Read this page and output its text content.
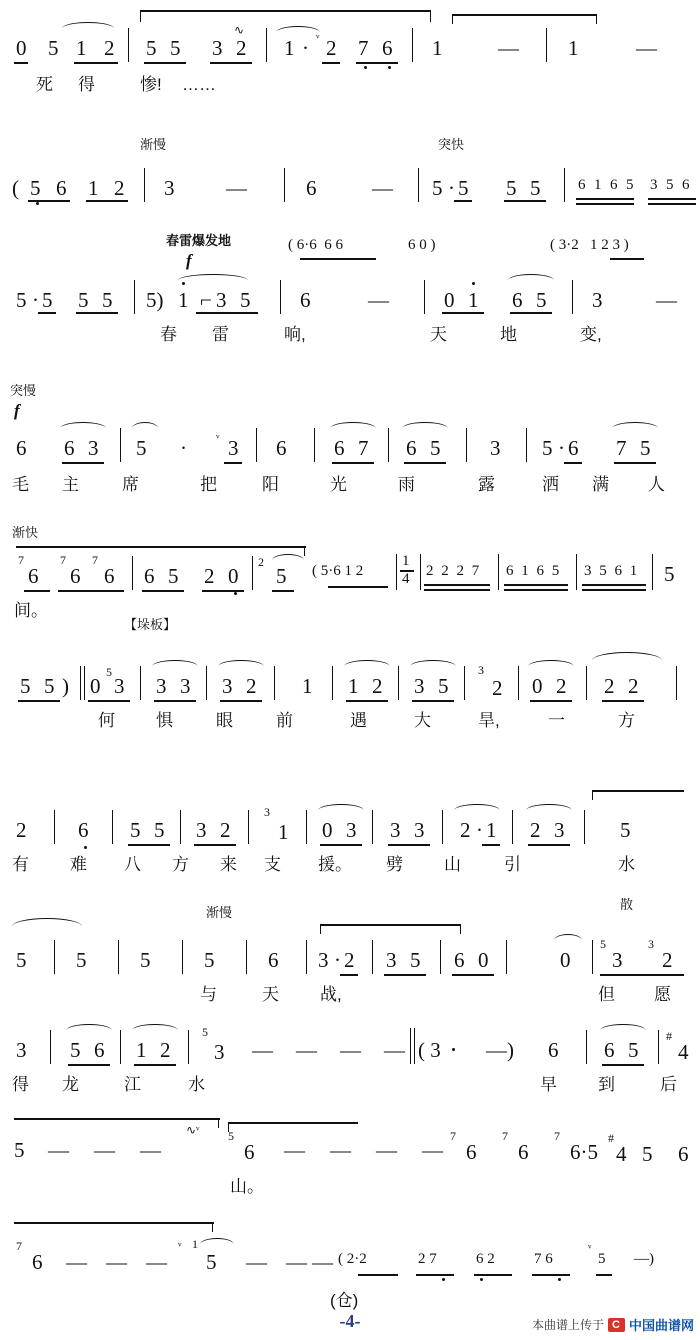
0 5 1 2 5 5 3 2
∿
1 · ᵛ 2 7 6 1	— 1	—
死 得	惨! ……
渐慢	突快
( 5 6 1 2 3 —	6	— 5 · 5 5 5	6 1 6 5 3 5 6
春雷爆发地
f
( 6·6  6 6	6 0 )	( 3·2   1 2 3 )
5 · 5 5 5 5) 1 ⌐ 3 5 6	—	0 1 6 5 3	—
春 雷	响,	天	地	变,
突慢
f
6 6 3 5 · ᵛ 3 6 6 7 6 5 3 5 · 6 7 5
毛 主	席	把	阳	光	雨	露	洒 满 人
渐快
7
6
7
6
7
6 6 5 2 0
2
5 ( 5·6 1 2
1
4 2 2 2 7 6 1 6 5 3 5 6 1 5
间。
【垛板】
5 5 ) 0
5
3 3 3 3 2 1 1 2 3 5
3
2 0 2 2 2
何 惧	眼	前	遇	大	旱,	一	方
2 6 5 5 3 2
3
1 0 3 3 3 2 · 1 2 3	5
有 难 八 方 来 支 援。 劈 山	引	水
渐慢
散
5 5	5	5	6 3 · 2 3 5 6 0	0
5
3
3
2
与	天 战,	但 愿
3 5 6 1 2
5
3 — — — — ( 3 —) 6 6 5
#
4
得 龙	江	水	早 到	后
5 — — —
∿ᵛ 5
6 — — — —
7
6
7
6
7
6·5
#
4 5 6
山。
7
6 — — —
ᵛ 1
5 — — — ( 2·2	2 7	6 2	7 6
ᵛ
5 —)
(仓)
-4-	本曲谱上传于 C 中国曲谱网
